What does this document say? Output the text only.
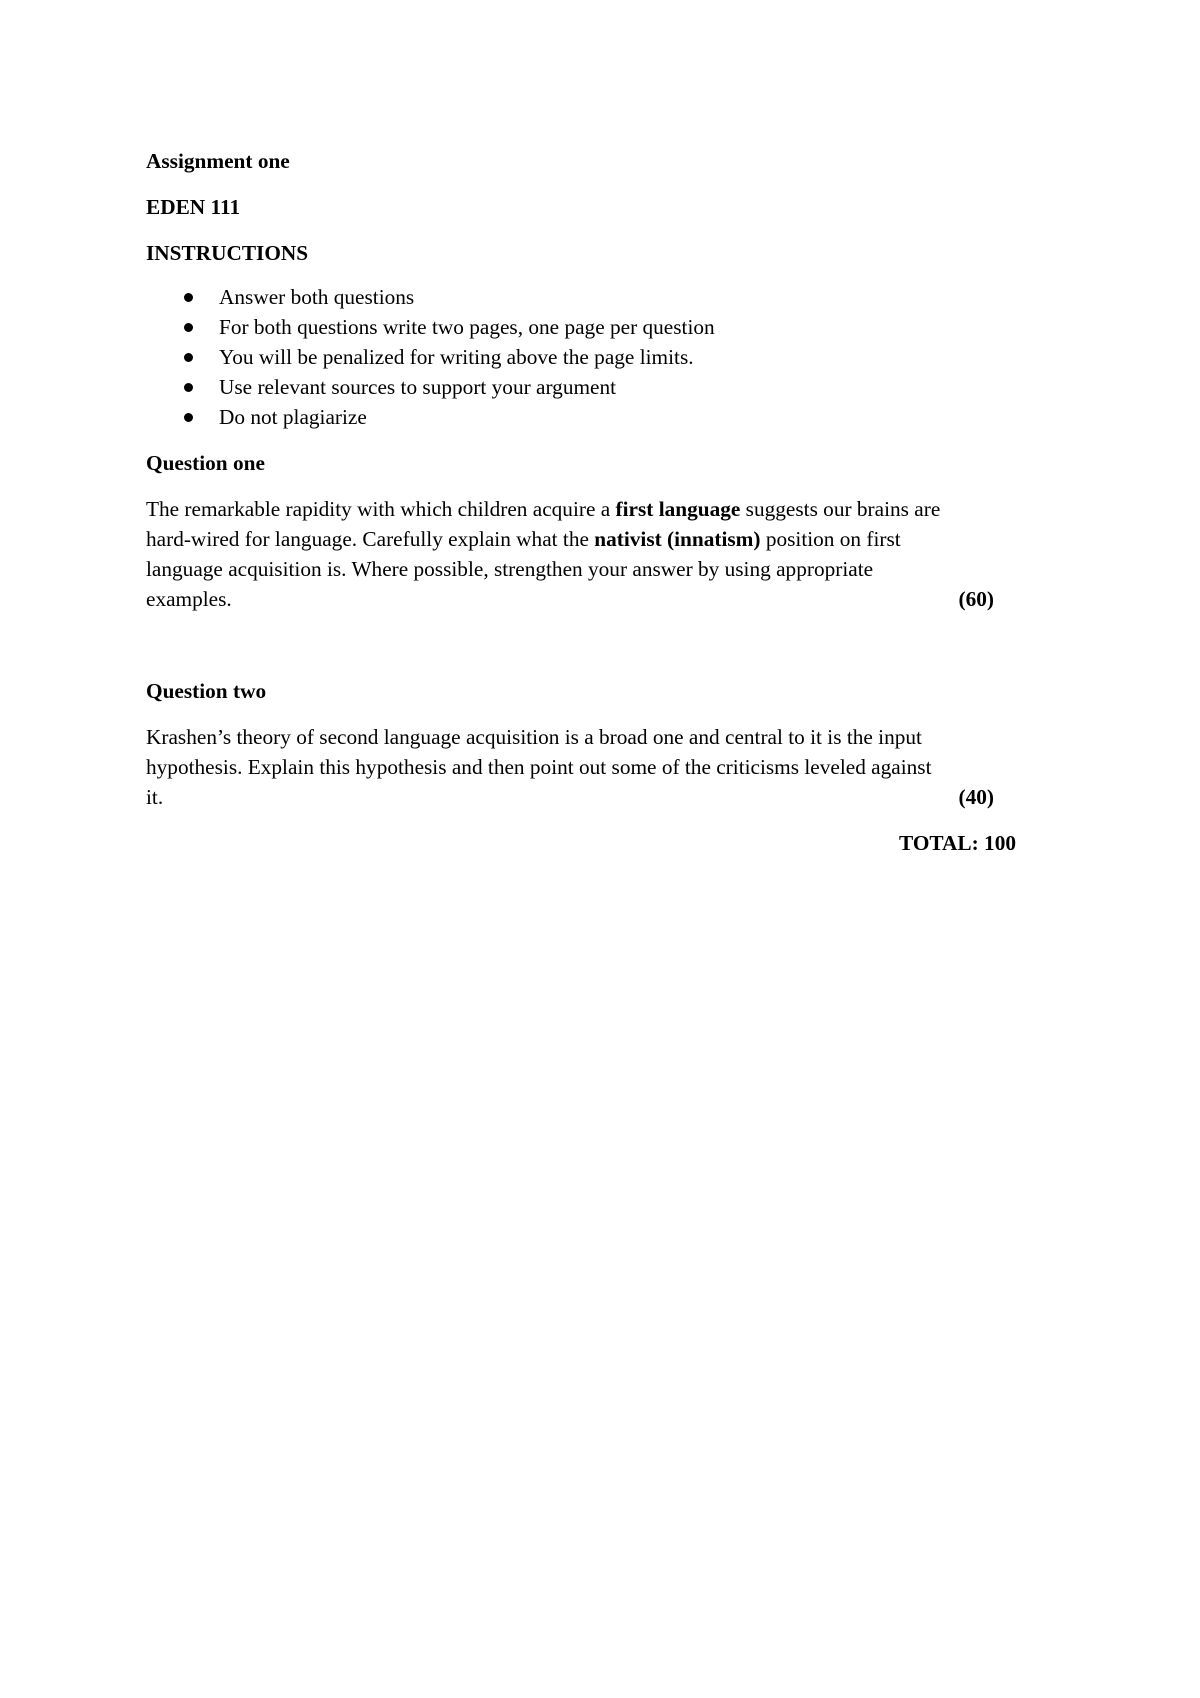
Assignment one

EDEN 111

INSTRUCTIONS

Answer both questions
For both questions write two pages, one page per question
You will be penalized for writing above the page limits.
Use relevant sources to support your argument
Do not plagiarize

Question one

The remarkable rapidity with which children acquire a first language suggests our brains are
hard-wired for language. Carefully explain what the nativist (innatism) position on first
language acquisition is. Where possible, strengthen your answer by using appropriate
examples.	(60)

Question two

Krashen’s theory of second language acquisition is a broad one and central to it is the input
hypothesis. Explain this hypothesis and then point out some of the criticisms leveled against
it.	(40)
TOTAL: 100
